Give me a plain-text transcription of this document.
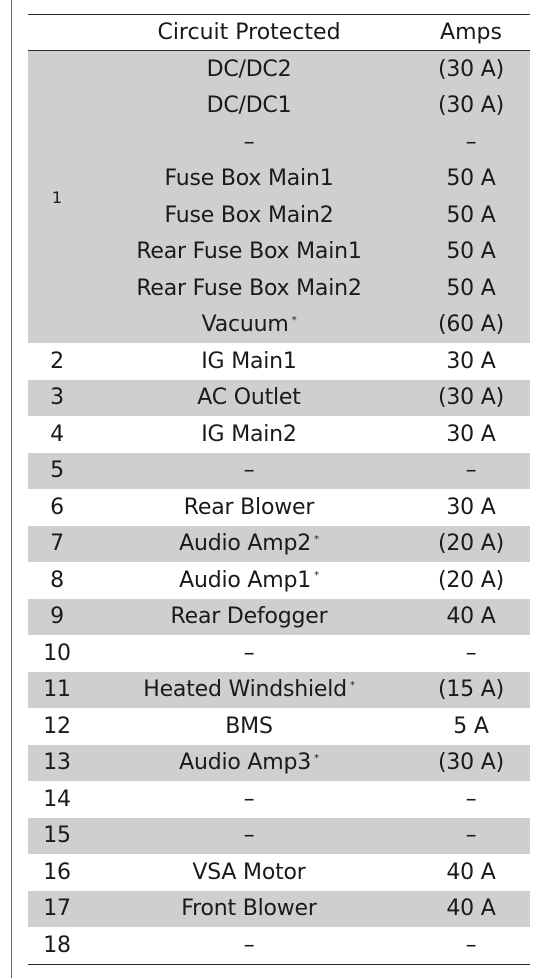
Circuit Protected	Amps
1
DC/DC2	(30 A)
DC/DC1	(30 A)
–	–
Fuse Box Main1	50 A
Fuse Box Main2	50 A
Rear Fuse Box Main1	50 A
Rear Fuse Box Main2	50 A
Vacuum *	(60 A)
2	IG Main1	30 A
3	AC Outlet	(30 A)
4	IG Main2	30 A
5	–	–
6	Rear Blower	30 A
7	Audio Amp2 *	(20 A)
8	Audio Amp1 *	(20 A)
9	Rear Defogger	40 A
10	–	–
11	Heated Windshield *	(15 A)
12	BMS	5 A
13	Audio Amp3 *	(30 A)
14	–	–
15	–	–
16	VSA Motor	40 A
17	Front Blower	40 A
18	–	–
